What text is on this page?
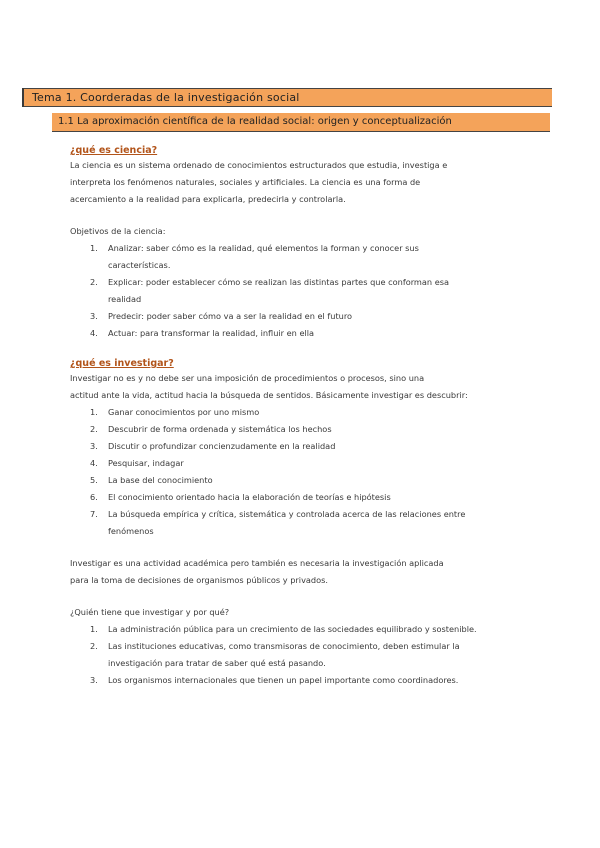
Tema 1. Coorderadas de la investigación social
1.1 La aproximación científica de la realidad social: origen y conceptualización

¿qué es ciencia?

La ciencia es un sistema ordenado de conocimientos estructurados que estudia, investiga e

interpreta los fenómenos naturales, sociales y artificiales. La ciencia es una forma de

acercamiento a la realidad para explicarla, predecirla y controlarla.

Objetivos de la ciencia:

1. Analizar: saber cómo es la realidad, qué elementos la forman y conocer sus
características.
2. Explicar: poder establecer cómo se realizan las distintas partes que conforman esa
realidad
3. Predecir: poder saber cómo va a ser la realidad en el futuro
4. Actuar: para transformar la realidad, influir en ella

¿qué es investigar?

Investigar no es y no debe ser una imposición de procedimientos o procesos, sino una

actitud ante la vida, actitud hacia la búsqueda de sentidos. Básicamente investigar es descubrir:

1. Ganar conocimientos por uno mismo
2. Descubrir de forma ordenada y sistemática los hechos
3. Discutir o profundizar concienzudamente en la realidad
4. Pesquisar, indagar
5. La base del conocimiento
6. El conocimiento orientado hacia la elaboración de teorías e hipótesis
7. La búsqueda empírica y crítica, sistemática y controlada acerca de las relaciones entre
fenómenos

Investigar es una actividad académica pero también es necesaria la investigación aplicada

para la toma de decisiones de organismos públicos y privados.

¿Quién tiene que investigar y por qué?

1. La administración pública para un crecimiento de las sociedades equilibrado y sostenible.
2. Las instituciones educativas, como transmisoras de conocimiento, deben estimular la
investigación para tratar de saber qué está pasando.
3. Los organismos internacionales que tienen un papel importante como coordinadores.
